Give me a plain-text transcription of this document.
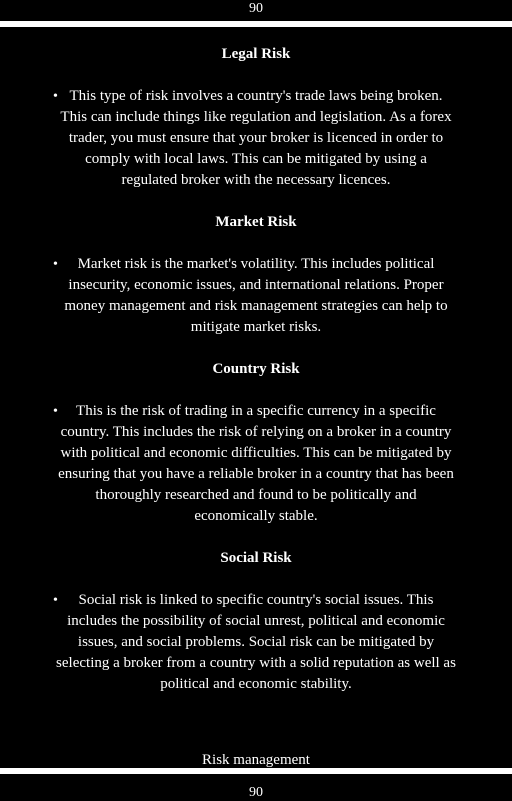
90
Legal Risk

• This type of risk involves a country's trade laws being broken. This can include things like regulation and legislation. As a forex trader, you must ensure that your broker is licenced in order to comply with local laws. This can be mitigated by using a regulated broker with the necessary licences.

Market Risk

• Market risk is the market's volatility. This includes political insecurity, economic issues, and international relations. Proper money management and risk management strategies can help to mitigate market risks.

Country Risk

• This is the risk of trading in a specific currency in a specific country. This includes the risk of relying on a broker in a country with political and economic difficulties. This can be mitigated by ensuring that you have a reliable broker in a country that has been thoroughly researched and found to be politically and economically stable.

Social Risk

• Social risk is linked to specific country's social issues. This includes the possibility of social unrest, political and economic issues, and social problems. Social risk can be mitigated by selecting a broker from a country with a solid reputation as well as political and economic stability.

Risk management
90
